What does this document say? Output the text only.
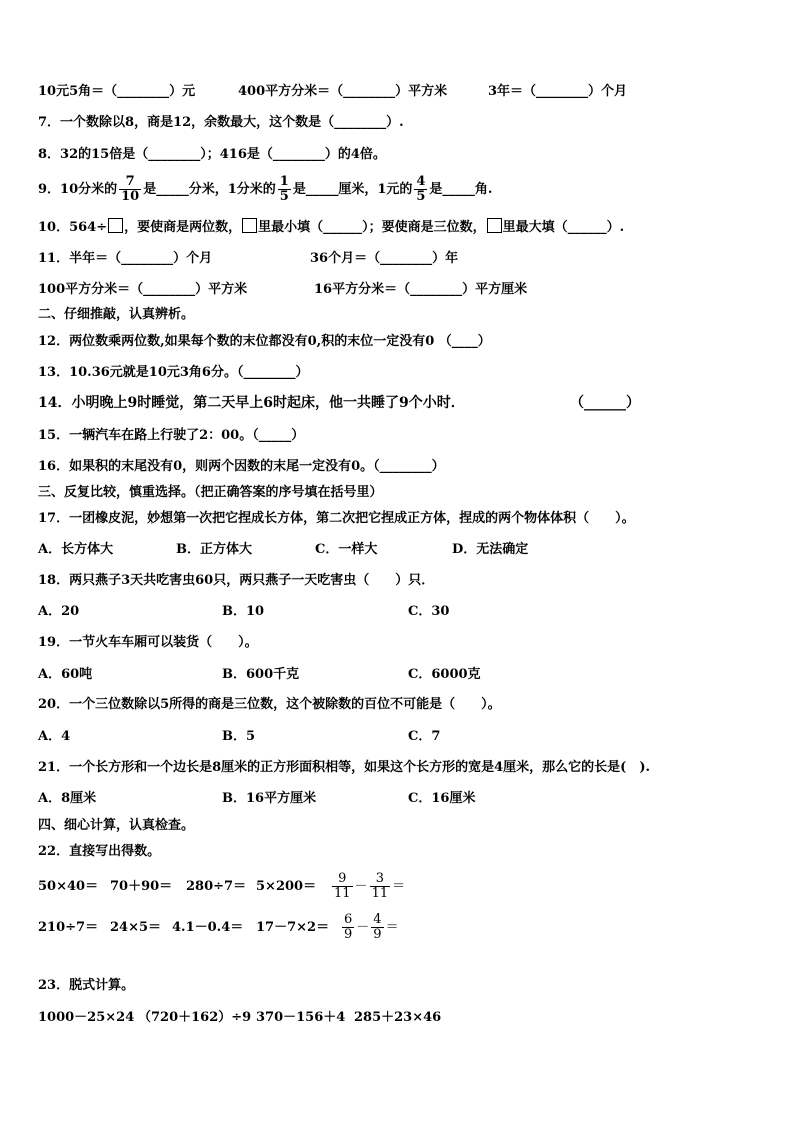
10元5角＝（________）元	400平方分米＝（________）平方米	3年＝（________）个月
7．一个数除以8，商是12，余数最大，这个数是（________）.
8．32的15倍是（________）；416是（________）的4倍。
9．10分米的 $\frac{7}{10}$ 是_____分米，1分米的 $\frac{1}{5}$ 是_____厘米，1元的 $\frac{4}{5}$ 是_____角.
10．564÷ ，要使商是两位数， 里最小填（______）；要使商是三位数， 里最大填（______）.
11．半年＝（________）个月	36个月＝（________）年
100平方分米＝（________）平方米	16平方分米＝（________）平方厘米
二、仔细推敲，认真辨析。
12．两位数乘两位数,如果每个数的末位都没有0,积的末位一定没有0 （____）
13．10.36元就是10元3角6分。（________）
14．小明晚上9时睡觉，第二天早上6时起床，他一共睡了9个小时．	（______）
15．一辆汽车在路上行驶了2：00。（_____）
16．如果积的末尾没有0，则两个因数的末尾一定没有0。（________）
三、反复比较，慎重选择。（把正确答案的序号填在括号里）
17．一团橡皮泥，妙想第一次把它捏成长方体，第二次把它捏成正方体，捏成的两个物体体积（　　）。
A．长方体大	B．正方体大	C．一样大	D．无法确定
18．两只燕子3天共吃害虫60只，两只燕子一天吃害虫（　　）只．
A．20	B．10	C．30
19．一节火车车厢可以装货（　　）。
A．60吨	B．600千克	C．6000克
20．一个三位数除以5所得的商是三位数，这个被除数的百位不可能是（　　）。
A．4	B．5	C．7
21．一个长方形和一个边长是8厘米的正方形面积相等，如果这个长方形的宽是4厘米，那么它的长是(　).
A．8厘米	B．16平方厘米	C．16厘米
四、细心计算，认真检查。
22．直接写出得数。
$50\times 40= 70+90= 280\div 7= 5\times 200= \frac{9}{11} - \frac{3}{11}$ ＝
$210\div 7= 24\times 5= 4.1-0.4= 17-7\times 2= \frac{6}{9} - \frac{4}{9}$ ＝
23．脱式计算。
1000－25×24 （720＋162）÷9 370－156＋4 285＋23×46
